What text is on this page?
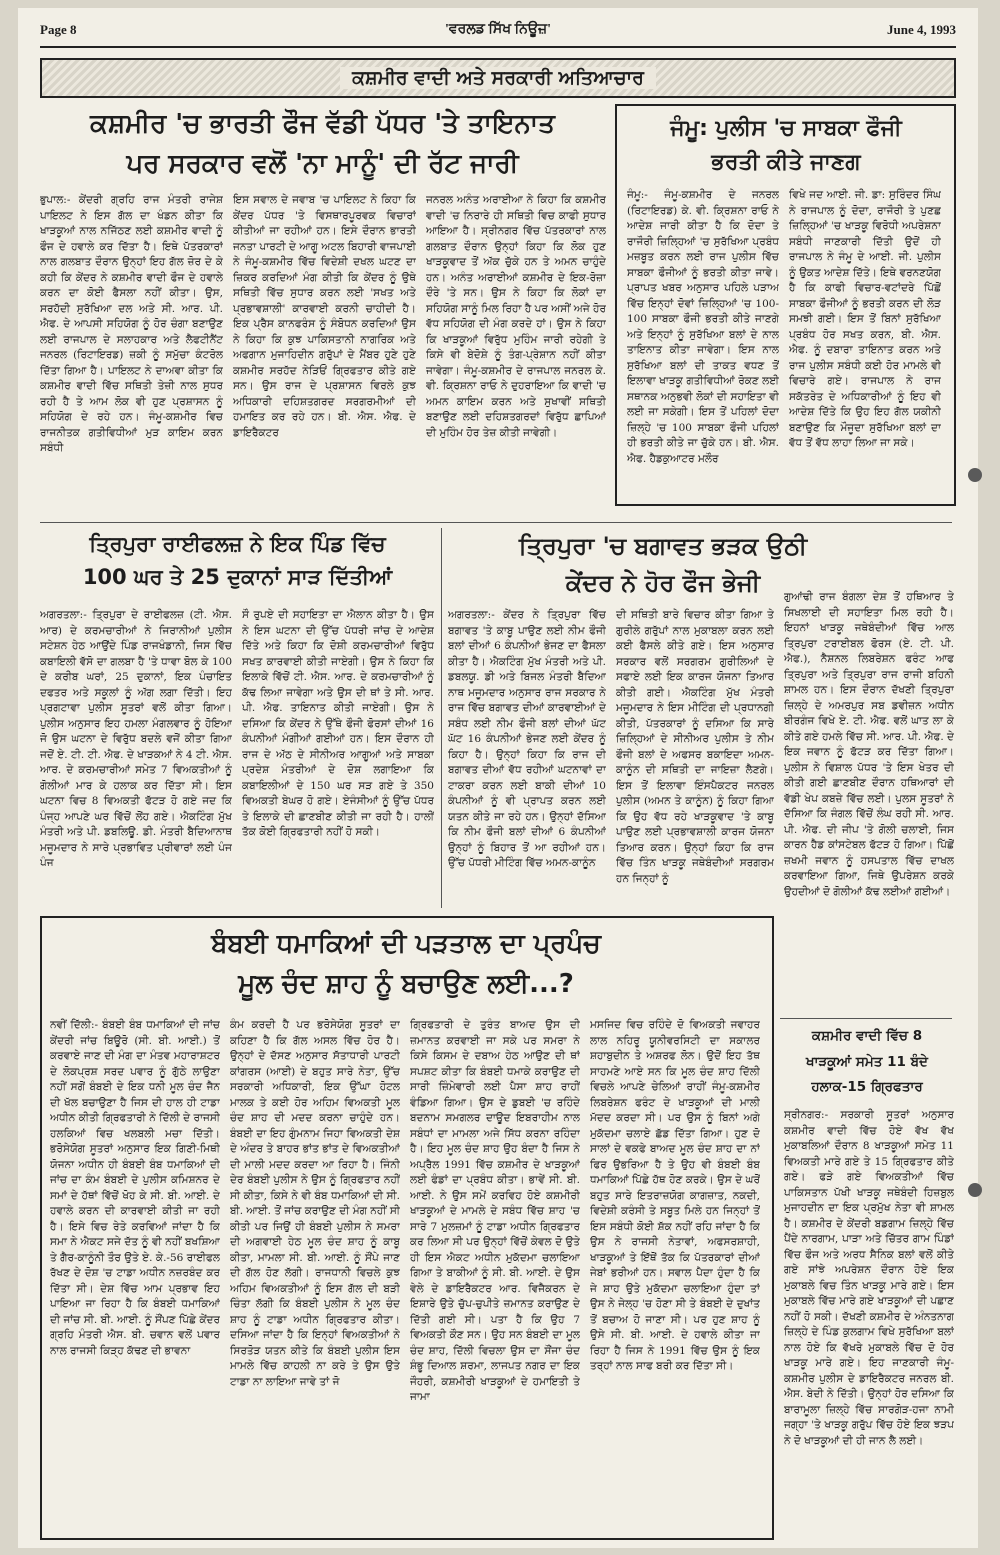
Page 8	'ਵਰਲਡ ਸਿੱਖ ਨਿਊਜ਼'	June 4, 1993
ਕਸ਼ਮੀਰ ਵਾਦੀ ਅਤੇ ਸਰਕਾਰੀ ਅਤਿਆਚਾਰ
ਕਸ਼ਮੀਰ 'ਚ ਭਾਰਤੀ ਫੌਜ ਵੱਡੀ ਪੱਧਰ 'ਤੇ ਤਾਇਨਾਤ
ਪਰ ਸਰਕਾਰ ਵਲੋਂ 'ਨਾ ਮਾਨੂੰ' ਦੀ ਰੱਟ ਜਾਰੀ
ਭੁਪਾਲ:- ਕੇਂਦਰੀ ਗ੍ਰਹਿ ਰਾਜ ਮੰਤਰੀ ਰਾਜੇਸ਼ ਪਾਇਲਟ ਨੇ ਇਸ ਗੱਲ ਦਾ ਖੰਡਨ ਕੀਤਾ ਕਿ ਖਾੜਕੂਆਂ ਨਾਲ ਨਜਿੱਠਣ ਲਈ ਕਸ਼ਮੀਰ ਵਾਦੀ ਨੂੰ ਫੌਜ ਦੇ ਹਵਾਲੇ ਕਰ ਦਿੱਤਾ ਹੈ। ਇਥੇ ਪੱਤਰਕਾਰਾਂ ਨਾਲ ਗਲਬਾਤ ਦੌਰਾਨ ਉਨ੍ਹਾਂ ਇਹ ਗੱਲ ਜ਼ੋਰ ਦੇ ਕੇ ਕਹੀ ਕਿ ਕੇਂਦਰ ਨੇ ਕਸ਼ਮੀਰ ਵਾਦੀ ਫੌਜ ਦੇ ਹਵਾਲੇ ਕਰਨ ਦਾ ਕੋਈ ਫੈਸਲਾ ਨਹੀਂ ਕੀਤਾ। ਉਸ, ਸਰਹੱਦੀ ਸੁਰੱਖਿਆ ਦਲ ਅਤੇ ਸੀ. ਆਰ. ਪੀ. ਐਫ. ਦੇ ਆਪਸੀ ਸਹਿਯੋਗ ਨੂੰ ਹੋਰ ਚੰਗਾ ਬਣਾਉਣ ਲਈ ਰਾਜਪਾਲ ਦੇ ਸਲਾਹਕਾਰ ਅਤੇ ਲੈਫਟੀਨੈਂਟ ਜਨਰਲ (ਰਿਟਾਇਰਡ) ਜ਼ਕੀ ਨੂੰ ਸਮੁੱਚਾ ਕੰਟਰੋਲ ਦਿੱਤਾ ਗਿਆ ਹੈ। ਪਾਇਲਟ ਨੇ ਦਾਅਵਾ ਕੀਤਾ ਕਿ ਕਸ਼ਮੀਰ ਵਾਦੀ ਵਿੱਚ ਸਥਿਤੀ ਤੇਜ਼ੀ ਨਾਲ ਸੁਧਰ ਰਹੀ ਹੈ ਤੇ ਆਮ ਲੋਕ ਵੀ ਹੁਣ ਪ੍ਰਸ਼ਾਸਨ ਨੂੰ ਸਹਿਯੋਗ ਦੇ ਰਹੇ ਹਨ। ਜੰਮੂ-ਕਸ਼ਮੀਰ ਵਿਚ ਰਾਜਨੀਤਕ ਗਤੀਵਿਧੀਆਂ ਮੁੜ ਕਾਇਮ ਕਰਨ ਸਬੰਧੀ
ਇਸ ਸਵਾਲ ਦੇ ਜਵਾਬ 'ਚ ਪਾਇਲਟ ਨੇ ਕਿਹਾ ਕਿ ਕੇਂਦਰ ਪੱਧਰ 'ਤੇ ਵਿਸਥਾਰਪੂਰਵਕ ਵਿਚਾਰਾਂ ਕੀਤੀਆਂ ਜਾ ਰਹੀਆਂ ਹਨ। ਇਸੇ ਦੌਰਾਨ ਭਾਰਤੀ ਜਨਤਾ ਪਾਰਟੀ ਦੇ ਆਗੂ ਅਟਲ ਬਿਹਾਰੀ ਵਾਜਪਾਈ ਨੇ ਜੰਮੂ-ਕਸ਼ਮੀਰ ਵਿੱਚ ਵਿਦੇਸ਼ੀ ਦਖਲ ਘਟਣ ਦਾ ਜ਼ਿਕਰ ਕਰਦਿਆਂ ਮੰਗ ਕੀਤੀ ਕਿ ਕੇਂਦਰ ਨੂੰ ਉਥੇ ਸਥਿਤੀ ਵਿੱਚ ਸੁਧਾਰ ਕਰਨ ਲਈ 'ਸਖਤ ਅਤੇ ਪ੍ਰਭਾਵਸ਼ਾਲੀ' ਕਾਰਵਾਈ ਕਰਨੀ ਚਾਹੀਦੀ ਹੈ। ਇਕ ਪ੍ਰੈਸ ਕਾਨਫਰੰਸ ਨੂੰ ਸੰਬੋਧਨ ਕਰਦਿਆਂ ਉਸ ਨੇ ਕਿਹਾ ਕਿ ਕੁਝ ਪਾਕਿਸਤਾਨੀ ਨਾਗਰਿਕ ਅਤੇ ਅਫਗਾਨ ਮੁਜਾਹਿਦੀਨ ਗਰੁੱਪਾਂ ਦੇ ਮੈਂਬਰ ਹੁਣੇ ਹੁਣੇ ਕਸ਼ਮੀਰ ਸਰਹੱਦ ਨੇੜਿਓਂ ਗ੍ਰਿਫਤਾਰ ਕੀਤੇ ਗਏ ਸਨ। ਉਸ ਰਾਜ ਦੇ ਪ੍ਰਸ਼ਾਸਨ ਵਿਰਲੇ ਕੁਝ ਅਧਿਕਾਰੀ ਦਹਿਸ਼ਤਗਰਦ ਸਰਗਰਮੀਆਂ ਦੀ ਹਮਾਇਤ ਕਰ ਰਹੇ ਹਨ। ਬੀ. ਐਸ. ਐਫ. ਦੇ ਡਾਇਰੈਕਟਰ
ਜਨਰਲ ਅਨੰਤ ਅਰਾਈਆ ਨੇ ਕਿਹਾ ਕਿ ਕਸ਼ਮੀਰ ਵਾਦੀ 'ਚ ਨਿਰਾਰੇ ਹੀ ਸਥਿਤੀ ਵਿਚ ਕਾਫੀ ਸੁਧਾਰ ਆਇਆ ਹੈ। ਸ੍ਰੀਨਗਰ ਵਿੱਚ ਪੱਤਰਕਾਰਾਂ ਨਾਲ ਗਲਬਾਤ ਦੌਰਾਨ ਉਨ੍ਹਾਂ ਕਿਹਾ ਕਿ ਲੋਕ ਹੁਣ ਖਾੜਕੂਵਾਦ ਤੋਂ ਅੱਕ ਚੁੱਕੇ ਹਨ ਤੇ ਅਮਨ ਚਾਹੁੰਦੇ ਹਨ। ਅਨੰਤ ਅਰਾਈਆਂ ਕਸ਼ਮੀਰ ਦੇ ਇਕ-ਰੋਜ਼ਾ ਦੌਰੇ 'ਤੇ ਸਨ। ਉਸ ਨੇ ਕਿਹਾ ਕਿ ਲੋਕਾਂ ਦਾ ਸਹਿਯੋਗ ਸਾਨੂੰ ਮਿਲ ਰਿਹਾ ਹੈ ਪਰ ਅਸੀਂ ਅਜੇ ਹੋਰ ਵੱਧ ਸਹਿਯੋਗ ਦੀ ਮੰਗ ਕਰਦੇ ਹਾਂ। ਉਸ ਨੇ ਕਿਹਾ ਕਿ ਖਾੜਕੂਆਂ ਵਿਰੁੱਧ ਮੁਹਿੰਮ ਜਾਰੀ ਰਹੇਗੀ ਤੇ ਕਿਸੇ ਵੀ ਬੇਦੋਸ਼ੇ ਨੂੰ ਤੰਗ-ਪ੍ਰੇਸ਼ਾਨ ਨਹੀਂ ਕੀਤਾ ਜਾਵੇਗਾ। ਜੰਮੂ-ਕਸ਼ਮੀਰ ਦੇ ਰਾਜਪਾਲ ਜਨਰਲ ਕੇ. ਵੀ. ਕ੍ਰਿਸ਼ਨਾ ਰਾਓ ਨੇ ਦੁਹਰਾਇਆ ਕਿ ਵਾਦੀ 'ਚ ਅਮਨ ਕਾਇਮ ਕਰਨ ਅਤੇ ਸੁਖਾਵੀਂ ਸਥਿਤੀ ਬਣਾਉਣ ਲਈ ਦਹਿਸ਼ਤਗਰਦਾਂ ਵਿਰੁੱਧ ਛਾਪਿਆਂ ਦੀ ਮੁਹਿੰਮ ਹੋਰ ਤੇਜ਼ ਕੀਤੀ ਜਾਵੇਗੀ।
ਜੰਮੂ: ਪੁਲੀਸ 'ਚ ਸਾਬਕਾ ਫੌਜੀ
ਭਰਤੀ ਕੀਤੇ ਜਾਣਗ
ਜੰਮੂ:- ਜੰਮੂ-ਕਸ਼ਮੀਰ ਦੇ ਜਨਰਲ (ਰਿਟਾਇਰਡ) ਕੇ. ਵੀ. ਕ੍ਰਿਸ਼ਨਾ ਰਾਓ ਨੇ ਆਦੇਸ਼ ਜਾਰੀ ਕੀਤਾ ਹੈ ਕਿ ਦੋਦਾ ਤੇ ਰਾਜੌਰੀ ਜ਼ਿਲ੍ਹਿਆਂ 'ਚ ਸੁਰੱਖਿਆ ਪ੍ਰਬੰਧ ਮਜ਼ਬੂਤ ਕਰਨ ਲਈ ਰਾਜ ਪੁਲੀਸ ਵਿੱਚ ਸਾਬਕਾ ਫੌਜੀਆਂ ਨੂੰ ਭਰਤੀ ਕੀਤਾ ਜਾਵੇ। ਪ੍ਰਾਪਤ ਖਬਰ ਅਨੁਸਾਰ ਪਹਿਲੇ ਪੜਾਅ ਵਿੱਚ ਇਨ੍ਹਾਂ ਦੋਵਾਂ ਜ਼ਿਲ੍ਹਿਆਂ 'ਚ 100-100 ਸਾਬਕਾ ਫੌਜੀ ਭਰਤੀ ਕੀਤੇ ਜਾਣਗੇ ਅਤੇ ਇਨ੍ਹਾਂ ਨੂੰ ਸੁਰੱਖਿਆ ਬਲਾਂ ਦੇ ਨਾਲ ਤਾਇਨਾਤ ਕੀਤਾ ਜਾਵੇਗਾ। ਇਸ ਨਾਲ ਸੁਰੱਖਿਆ ਬਲਾਂ ਦੀ ਤਾਕਤ ਵਧਣ ਤੋਂ ਇਲਾਵਾ ਖਾੜਕੂ ਗਤੀਵਿਧੀਆਂ ਰੋਕਣ ਲਈ ਸਥਾਨਕ ਅਨੁਭਵੀ ਲੋਕਾਂ ਦੀ ਸਹਾਇਤਾ ਵੀ ਲਈ ਜਾ ਸਕੇਗੀ। ਇਸ ਤੋਂ ਪਹਿਲਾਂ ਦੋਦਾ ਜ਼ਿਲ੍ਹੇ 'ਚ 100 ਸਾਬਕਾ ਫੌਜੀ ਪਹਿਲਾਂ ਹੀ ਭਰਤੀ ਕੀਤੇ ਜਾ ਚੁੱਕੇ ਹਨ। ਬੀ. ਐਸ. ਐਫ. ਹੈਡਕੁਆਟਰ ਮਲੌਰ
ਵਿਖੇ ਜਦ ਆਈ. ਜੀ. ਡਾ: ਸੁਰਿੰਦਰ ਸਿੰਘ ਨੇ ਰਾਜਪਾਲ ਨੂੰ ਦੋਦਾ, ਰਾਜੌਰੀ ਤੇ ਪੁਣਛ ਜ਼ਿਲ੍ਹਿਆਂ 'ਚ ਖਾੜਕੂ ਵਿਰੋਧੀ ਅਪਰੇਸ਼ਨਾ ਸਬੰਧੀ ਜਾਣਕਾਰੀ ਦਿੱਤੀ ਉਦੋਂ ਹੀ ਰਾਜਪਾਲ ਨੇ ਜੰਮੂ ਦੇ ਆਈ. ਜੀ. ਪੁਲੀਸ ਨੂੰ ਉਕਤ ਆਦੇਸ਼ ਦਿੱਤੇ। ਇਥੇ ਵਰਨਣਯੋਗ ਹੈ ਕਿ ਕਾਫੀ ਵਿਚਾਰ-ਵਟਾਂਦਰੇ ਪਿੱਛੋਂ ਸਾਬਕਾ ਫੌਜੀਆਂ ਨੂੰ ਭਰਤੀ ਕਰਨ ਦੀ ਲੋੜ ਸਮਝੀ ਗਈ। ਇਸ ਤੋਂ ਬਿਨਾਂ ਸੁਰੱਖਿਆ ਪ੍ਰਬੰਧ ਹੋਰ ਸਖਤ ਕਰਨ, ਬੀ. ਐਸ. ਐਫ. ਨੂੰ ਦਬਾਰਾ ਤਾਇਨਾਤ ਕਰਨ ਅਤੇ ਰਾਜ ਪੁਲੀਸ ਸਬੰਧੀ ਕਈ ਹੋਰ ਮਾਮਲੇ ਵੀ ਵਿਚਾਰੇ ਗਏ। ਰਾਜਪਾਲ ਨੇ ਰਾਜ ਸਕੱਤਰੇਤ ਦੇ ਅਧਿਕਾਰੀਆਂ ਨੂੰ ਇਹ ਵੀ ਆਦੇਸ਼ ਦਿੱਤੇ ਕਿ ਉਹ ਇਹ ਗੱਲ ਯਕੀਨੀ ਬਣਾਉਣ ਕਿ ਮੌਜੂਦਾ ਸੁਰੱਖਿਆ ਬਲਾਂ ਦਾ ਵੱਧ ਤੋਂ ਵੱਧ ਲਾਹਾ ਲਿਆ ਜਾ ਸਕੇ।
ਤ੍ਰਿਪੁਰਾ ਰਾਈਫਲਜ਼ ਨੇ ਇਕ ਪਿੰਡ ਵਿੱਚ
100 ਘਰ ਤੇ 25 ਦੁਕਾਨਾਂ ਸਾੜ ਦਿੱਤੀਆਂ
ਅਗਰਤਲਾ:- ਤ੍ਰਿਪੁਰਾ ਦੇ ਰਾਈਫਲਜ਼ (ਟੀ. ਐਸ. ਆਰ) ਦੇ ਕਰਮਚਾਰੀਆਂ ਨੇ ਜਿਰਾਨੀਆਂ ਪੁਲੀਸ ਸਟੇਸ਼ਨ ਹੇਠ ਆਉਂਦੇ ਪਿੰਡ ਰਾਜਖੰਡਾਨੀ, ਜਿਸ ਵਿੱਚ ਕਬਾਇਲੀ ਵੱਸੋ ਦਾ ਗਲਬਾ ਹੈ 'ਤੇ ਧਾਵਾ ਬੋਲ ਕੇ 100 ਦੇ ਕਰੀਬ ਘਰਾਂ, 25 ਦੁਕਾਨਾਂ, ਇਕ ਪੰਚਾਇਤ ਦਫਤਰ ਅਤੇ ਸਕੂਲਾਂ ਨੂੰ ਅੱਗ ਲਗਾ ਦਿੱਤੀ। ਇਹ ਪ੍ਰਗਟਾਵਾ ਪੁਲੀਸ ਸੂਤਰਾਂ ਵਲੋਂ ਕੀਤਾ ਗਿਆ। ਪੁਲੀਸ ਅਨੁਸਾਰ ਇਹ ਹਮਲਾ ਮੰਗਲਵਾਰ ਨੂੰ ਹੋਇਆ ਜੋ ਉਸ ਘਟਨਾ ਦੇ ਵਿਰੁੱਧ ਬਦਲੇ ਵਜੋਂ ਕੀਤਾ ਗਿਆ ਜਦੋਂ ਏ. ਟੀ. ਟੀ. ਐਫ. ਦੇ ਖਾੜਕਆਂ ਨੇ 4 ਟੀ. ਐਸ. ਆਰ. ਦੇ ਕਰਮਚਾਰੀਆਂ ਸਮੇਤ 7 ਵਿਅਕਤੀਆਂ ਨੂੰ ਗੋਲੀਆਂ ਮਾਰ ਕੇ ਹਲਾਕ ਕਰ ਦਿੱਤਾ ਸੀ। ਇਸ ਘਟਨਾ ਵਿਚ 8 ਵਿਅਕਤੀ ਫੱਟੜ ਹੋ ਗਏ ਜਦ ਕਿ ਪੰਜ੍ਹ ਆਪਣੇ ਘਰ ਵਿੱਚੋਂ ਲੋਂਹ ਗਏ। ਐਕਟਿੰਗ ਮੁੱਖ ਮੰਤਰੀ ਅਤੇ ਪੀ. ਡਬਲਿਊ. ਡੀ. ਮੰਤਰੀ ਬੈਦਿਆਨਾਥ ਮਜੂਮਦਾਰ ਨੇ ਸਾਰੇ ਪ੍ਰਭਾਵਿਤ ਪ੍ਰੀਵਾਰਾਂ ਲਈ ਪੰਜ ਪੰਜ
ਸੌ ਰੁਪਏ ਦੀ ਸਹਾਇਤਾ ਦਾ ਐਲਾਨ ਕੀਤਾ ਹੈ। ਉਸ ਨੇ ਇਸ ਘਟਨਾ ਦੀ ਉੱਚ ਪੱਧਰੀ ਜਾਂਚ ਦੇ ਆਦੇਸ਼ ਦਿੱਤੇ ਅਤੇ ਕਿਹਾ ਕਿ ਦੋਸ਼ੀ ਕਰਮਚਾਰੀਆਂ ਵਿਰੁੱਧ ਸਖਤ ਕਾਰਵਾਈ ਕੀਤੀ ਜਾਏਗੀ। ਉਸ ਨੇ ਕਿਹਾ ਕਿ ਇਲਾਕੇ ਵਿੱਚੋਂ ਟੀ. ਐਸ. ਆਰ. ਦੇ ਕਰਮਚਾਰੀਆਂ ਨੂੰ ਕੱਢ ਲਿਆ ਜਾਵੇਗਾ ਅਤੇ ਉਸ ਦੀ ਥਾਂ ਤੇ ਸੀ. ਆਰ. ਪੀ. ਐਫ. ਤਾਇਨਾਤ ਕੀਤੀ ਜਾਏਗੀ। ਉਸ ਨੇ ਦਸਿਆ ਕਿ ਕੇਂਦਰ ਨੇ ਉੱਥੇ ਫੌਜੀ ਫੋਰਸਾਂ ਦੀਆਂ 16 ਕੰਪਨੀਆਂ ਮੰਗੀਆਂ ਗਈਆਂ ਹਨ। ਇਸ ਦੌਰਾਨ ਹੀ ਰਾਜ ਦੇ ਅੱਠ ਦੇ ਸੀਨੀਅਰ ਆਗੂਆਂ ਅਤੇ ਸਾਬਕਾ ਪ੍ਰਦੇਸ਼ ਮੰਤਰੀਆਂ ਦੇ ਦੋਸ਼ ਲਗਾਇਆ ਕਿ ਕਬਾਇਲੀਆਂ ਦੇ 150 ਘਰ ਸੜ ਗਏ ਤੇ 350 ਵਿਅਕਤੀ ਬੇਘਰ ਹੋ ਗਏ। ਏਜੰਸੀਆਂ ਨੂੰ ਉੱਚ ਪੱਧਰ ਤੇ ਇਲਾਕੇ ਦੀ ਛਾਣਬੀਣ ਕੀਤੀ ਜਾ ਰਹੀ ਹੈ। ਹਾਲੀਂ ਤੱਕ ਕੋਈ ਗ੍ਰਿਫਤਾਰੀ ਨਹੀਂ ਹੋ ਸਕੀ।
ਤ੍ਰਿਪੁਰਾ 'ਚ ਬਗਾਵਤ ਭੜਕ ਉਠੀ
ਕੇਂਦਰ ਨੇ ਹੋਰ ਫੌਜ ਭੇਜੀ
ਅਗਰਤਲਾ:- ਕੇਂਦਰ ਨੇ ਤ੍ਰਿਪੁਰਾ ਵਿੱਚ ਬਗਾਵਤ 'ਤੇ ਕਾਬੂ ਪਾਉਣ ਲਈ ਨੀਮ ਫੌਜੀ ਬਲਾਂ ਦੀਆਂ 6 ਕੰਪਨੀਆਂ ਭੇਜਣ ਦਾ ਫੈਸਲਾ ਕੀਤਾ ਹੈ। ਐਕਟਿੰਗ ਮੁੱਖ ਮੰਤਰੀ ਅਤੇ ਪੀ. ਡਬਲਯੂ. ਡੀ ਅਤੇ ਬਿਜਲ ਮੰਤਰੀ ਬੈਦਿਆ ਨਾਥ ਮਜੂਮਦਾਰ ਅਨੁਸਾਰ ਰਾਜ ਸਰਕਾਰ ਨੇ ਰਾਜ ਵਿੱਚ ਬਗਾਵਤ ਦੀਆਂ ਕਾਰਵਾਈਆਂ ਦੇ ਸਬੰਧ ਲਈ ਨੀਮ ਫੌਜੀ ਬਲਾਂ ਦੀਆਂ ਘੱਟ ਘੱਟ 16 ਕੰਪਨੀਆਂ ਭੇਜਣ ਲਈ ਕੇਂਦਰ ਨੂੰ ਕਿਹਾ ਹੈ। ਉਨ੍ਹਾਂ ਕਿਹਾ ਕਿ ਰਾਜ ਦੀ ਬਗਾਵਤ ਦੀਆਂ ਵੱਧ ਰਹੀਆਂ ਘਟਨਾਵਾਂ ਦਾ ਟਾਕਰਾ ਕਰਨ ਲਈ ਬਾਕੀ ਦੀਆਂ 10 ਕੰਪਨੀਆਂ ਨੂੰ ਵੀ ਪ੍ਰਾਪਤ ਕਰਨ ਲਈ ਯਤਨ ਕੀਤੇ ਜਾ ਰਹੇ ਹਨ। ਉਨ੍ਹਾਂ ਦੱਸਿਆ ਕਿ ਨੀਮ ਫੌਜੀ ਬਲਾਂ ਦੀਆਂ 6 ਕੰਪਨੀਆਂ ਉਨ੍ਹਾਂ ਨੂੰ ਬਿਹਾਰ ਤੋਂ ਆ ਰਹੀਆਂ ਹਨ। ਉੱਚ ਪੱਧਰੀ ਮੀਟਿੰਗ ਵਿੱਚ ਅਮਨ-ਕਾਨੂੰਨ
ਦੀ ਸਥਿਤੀ ਬਾਰੇ ਵਿਚਾਰ ਕੀਤਾ ਗਿਆ ਤੇ ਗੁਰੀਲੇ ਗਰੁੱਪਾਂ ਨਾਲ ਮੁਕਾਬਲਾ ਕਰਨ ਲਈ ਕਈ ਫੈਸਲੇ ਕੀਤੇ ਗਏ। ਇਸ ਅਨੁਸਾਰ ਸਰਕਾਰ ਵਲੋਂ ਸਰਗਰਮ ਗੁਰੀਲਿਆਂ ਦੇ ਸਫਾਏ ਲਈ ਇਕ ਕਾਰਜ ਯੋਜਨਾ ਤਿਆਰ ਕੀਤੀ ਗਈ। ਐਕਟਿੰਗ ਮੁੱਖ ਮੰਤਰੀ ਮਜੂਮਦਾਰ ਨੇ ਇਸ ਮੀਟਿੰਗ ਦੀ ਪ੍ਰਧਾਨਗੀ ਕੀਤੀ, ਪੱਤਰਕਾਰਾਂ ਨੂੰ ਦਸਿਆ ਕਿ ਸਾਰੇ ਜ਼ਿਲ੍ਹਿਆਂ ਦੇ ਸੀਨੀਅਰ ਪੁਲੀਸ ਤੇ ਨੀਮ ਫੌਜੀ ਬਲਾਂ ਦੇ ਅਫਸਰ ਬਕਾਇਦਾ ਅਮਨ-ਕਾਨੂੰਨ ਦੀ ਸਥਿਤੀ ਦਾ ਜਾਇਜ਼ਾ ਲੈਣਗੇ। ਇਸ ਤੋਂ ਇਲਾਵਾ ਇੰਸਪੈਕਟਰ ਜਨਰਲ ਪੁਲੀਸ (ਅਮਨ ਤੇ ਕਾਨੂੰਨ) ਨੂੰ ਕਿਹਾ ਗਿਆ ਕਿ ਉਹ ਵੱਧ ਰਹੇ ਖਾੜਕੂਵਾਦ 'ਤੇ ਕਾਬੂ ਪਾਉਣ ਲਈ ਪ੍ਰਭਾਵਸ਼ਾਲੀ ਕਾਰਜ ਯੋਜਨਾ ਤਿਆਰ ਕਰਨ। ਉਨ੍ਹਾਂ ਕਿਹਾ ਕਿ ਰਾਜ ਵਿੱਚ ਤਿੰਨ ਖਾੜਕੂ ਜਥੇਬੰਦੀਆਂ ਸਰਗਰਮ ਹਨ ਜਿਨ੍ਹਾਂ ਨੂੰ
ਗੁਆਂਢੀ ਰਾਜ ਬੰਗਲਾ ਦੇਸ਼ ਤੋਂ ਹਥਿਆਰ ਤੇ ਸਿਖਲਾਈ ਦੀ ਸਹਾਇਤਾ ਮਿਲ ਰਹੀ ਹੈ। ਇਹਨਾਂ ਖਾੜਕੂ ਜਥੇਬੰਦੀਆਂ ਵਿੱਚ ਆਲ ਤ੍ਰਿਪੁਰਾ ਟਰਾਈਬਲ ਫੋਰਸ (ਏ. ਟੀ. ਪੀ. ਐਫ.), ਨੈਸ਼ਨਲ ਲਿਬਰੇਸ਼ਨ ਫਰੰਟ ਆਫ ਤ੍ਰਿਪੁਰਾ ਅਤੇ ਤ੍ਰਿਪੁਰਾ ਰਾਜ ਰਾਜੀ ਬਹਿਨੀ ਸ਼ਾਮਲ ਹਨ। ਇਸ ਦੌਰਾਨ ਦੱਖਣੀ ਤ੍ਰਿਪੁਰਾ ਜ਼ਿਲ੍ਹੇ ਦੇ ਅਮਰਪੁਰ ਸਬ ਡਵੀਜ਼ਨ ਅਧੀਨ ਬੀਰਗੰਜ ਵਿਖੇ ਏ. ਟੀ. ਐਫ. ਵਲੋਂ ਘਾਤ ਲਾ ਕੇ ਕੀਤੇ ਗਏ ਹਮਲੇ ਵਿੱਚ ਸੀ. ਆਰ. ਪੀ. ਐਫ. ਦੇ ਇਕ ਜਵਾਨ ਨੂੰ ਫੱਟੜ ਕਰ ਦਿੱਤਾ ਗਿਆ। ਪੁਲੀਸ ਨੇ ਵਿਸ਼ਾਲ ਪੱਧਰ 'ਤੇ ਇਸ ਖੇਤਰ ਦੀ ਕੀਤੀ ਗਈ ਛਾਣਬੀਣ ਦੌਰਾਨ ਹਥਿਆਰਾਂ ਦੀ ਵੱਡੀ ਖੇਪ ਕਬਜ਼ੇ ਵਿੱਚ ਲਈ। ਪੁਲਸ ਸੂਤਰਾਂ ਨੇ ਦੱਸਿਆ ਕਿ ਜੰਗਲ ਵਿੱਚੋਂ ਲੰਘ ਰਹੀ ਸੀ. ਆਰ. ਪੀ. ਐਫ. ਦੀ ਜੀਪ 'ਤੇ ਗੋਲੀ ਚਲਾਈ, ਜਿਸ ਕਾਰਨ ਹੈਡ ਕਾਂਸਟੇਬਲ ਫੱਟੜ ਹੋ ਗਿਆ। ਪਿੱਛੋਂ ਜ਼ਖਮੀ ਜਵਾਨ ਨੂੰ ਹਸਪਤਾਲ ਵਿੱਚ ਦਾਖਲ ਕਰਵਾਇਆ ਗਿਆ, ਜਿਥੇ ਉਪਰੇਸ਼ਨ ਕਰਕੇ ਉਹਦੀਆਂ ਦੋ ਗੋਲੀਆਂ ਕੱਢ ਲਈਆਂ ਗਈਆਂ।
ਬੰਬਈ ਧਮਾਕਿਆਂ ਦੀ ਪੜਤਾਲ ਦਾ ਪ੍ਰਪੰਚ
ਮੂਲ ਚੰਦ ਸ਼ਾਹ ਨੂੰ ਬਚਾਉਣ ਲਈ...?
ਨਵੀਂ ਦਿੱਲੀ:- ਬੰਬਈ ਬੰਬ ਧਮਾਕਿਆਂ ਦੀ ਜਾਂਚ ਕੇਂਦਰੀ ਜਾਂਚ ਬਿਊਰੋ (ਸੀ. ਬੀ. ਆਈ.) ਤੋਂ ਕਰਵਾਏ ਜਾਣ ਦੀ ਮੰਗ ਦਾ ਮੰਤਵ ਮਹਾਰਾਸ਼ਟਰ ਦੇ ਲੋਕਪ੍ਰਸ਼ ਸਰਦ ਪਵਾਰ ਨੂੰ ਗੁੱਠੇ ਲਾਉਣਾ ਨਹੀਂ ਸਗੋਂ ਬੰਬਈ ਦੇ ਇਕ ਧਨੀ ਮੂਲ ਚੰਦ ਜੈਨ ਦੀ ਖੱਲ ਬਚਾਉਣਾ ਹੈ ਜਿਸ ਦੀ ਹਾਲ ਹੀ ਟਾਡਾ ਅਧੀਨ ਕੀਤੀ ਗ੍ਰਿਫਤਾਰੀ ਨੇ ਦਿੱਲੀ ਦੇ ਰਾਜਸੀ ਹਲਕਿਆਂ ਵਿਚ ਖਲਬਲੀ ਮਚਾ ਦਿੱਤੀ। ਭਰੋਸੇਯੋਗ ਸੂਤਰਾਂ ਅਨੁਸਾਰ ਇਕ ਗਿਣੀ-ਮਿਥੀ ਯੋਜਨਾ ਅਧੀਨ ਹੀ ਬੰਬਈ ਬੰਬ ਧਮਾਕਿਆਂ ਦੀ ਜਾਂਚ ਦਾ ਕੰਮ ਬੰਬਈ ਦੇ ਪੁਲੀਸ ਕਮਿਸ਼ਨਰ ਦੇ ਸਮਾਂ ਦੇ ਹੱਥਾਂ ਵਿੱਚੋਂ ਖੋਹ ਕੇ ਸੀ. ਬੀ. ਆਈ. ਦੇ ਹਵਾਲੇ ਕਰਨ ਦੀ ਕਾਰਵਾਈ ਕੀਤੀ ਜਾ ਰਹੀ ਹੈ। ਇਸੇ ਵਿਚ ਰੇਤੇ ਕਰਵਿਆਂ ਜਾਂਦਾ ਹੈ ਕਿ ਸਮਾ ਨੇ ਐਕਟ ਸਜੇ ਦੱਤ ਨੂੰ ਵੀ ਨਹੀਂ ਬਖਸ਼ਿਆ ਤੇ ਗੈਰ-ਕਾਨੂੰਨੀ ਤੌਰ ਉਤੇ ਏ. ਕੇ.-56 ਰਾਈਫਲ ਰੱਖਣ ਦੇ ਦੋਸ਼ 'ਚ ਟਾਡਾ ਅਧੀਨ ਨਜ਼ਰਬੰਦ ਕਰ ਦਿੱਤਾ ਸੀ। ਦੇਸ਼ ਵਿੱਚ ਆਮ ਪ੍ਰਭਾਵ ਇਹ ਪਾਇਆ ਜਾ ਰਿਹਾ ਹੈ ਕਿ ਬੰਬਈ ਧਮਾਕਿਆਂ ਦੀ ਜਾਂਚ ਸੀ. ਬੀ. ਆਈ. ਨੂੰ ਸੌਂਪਣ ਪਿੱਛੇ ਕੇਂਦਰ ਗ੍ਰਹਿ ਮੰਤਰੀ ਐਸ. ਬੀ. ਚਵਾਨ ਵਲੋਂ ਪਵਾਰ ਨਾਲ ਰਾਜਸੀ ਕਿੜ੍ਹ ਕੱਢਣ ਦੀ ਭਾਵਨਾ
ਕੰਮ ਕਰਦੀ ਹੈ ਪਰ ਭਰੋਸੇਯੋਗ ਸੂਤਰਾਂ ਦਾ ਕਹਿਣਾ ਹੈ ਕਿ ਗੱਲ ਅਸਲ ਵਿੱਚ ਹੋਰ ਹੈ। ਉਨ੍ਹਾਂ ਦੇ ਦੱਸਣ ਅਨੁਸਾਰ ਸੱਤਾਧਾਰੀ ਪਾਰਟੀ ਕਾਂਗਰਸ (ਆਈ) ਦੇ ਬਹੁਤ ਸਾਰੇ ਨੇਤਾ, ਉੱਚ ਸਰਕਾਰੀ ਅਧਿਕਾਰੀ, ਇਕ ਉੱਘਾ ਹੋਟਲ ਮਾਲਕ ਤੇ ਕਈ ਹੋਰ ਅਹਿਮ ਵਿਅਕਤੀ ਮੂਲ ਚੰਦ ਸ਼ਾਹ ਦੀ ਮਦਦ ਕਰਨਾ ਚਾਹੁੰਦੇ ਹਨ। ਬੰਬਈ ਦਾ ਇਹ ਗੁੰਮਨਾਮ ਜਿਹਾ ਵਿਅਕਤੀ ਦੇਸ਼ ਦੇ ਅੰਦਰ ਤੇ ਬਾਹਰ ਭਾਂਤ ਭਾਂਤ ਦੇ ਵਿਅਕਤੀਆਂ ਦੀ ਮਾਲੀ ਮਦਦ ਕਰਦਾ ਆ ਰਿਹਾ ਹੈ। ਜਿੰਨੀ ਦੇਰ ਬੰਬਈ ਪੁਲੀਸ ਨੇ ਉਸ ਨੂੰ ਗ੍ਰਿਫਤਾਰ ਨਹੀਂ ਸੀ ਕੀਤਾ, ਕਿਸੇ ਨੇ ਵੀ ਬੰਬ ਧਮਾਕਿਆਂ ਦੀ ਸੀ. ਬੀ. ਆਈ. ਤੋਂ ਜਾਂਚ ਕਰਾਉਣ ਦੀ ਮੰਗ ਨਹੀਂ ਸੀ ਕੀਤੀ ਪਰ ਜਿਉਂ ਹੀ ਬੰਬਈ ਪੁਲੀਸ ਨੇ ਸਮਰਾ ਦੀ ਅਗਵਾਈ ਹੇਠ ਮੂਲ ਚੰਦ ਸ਼ਾਹ ਨੂੰ ਕਾਬੂ ਕੀਤਾ, ਮਾਮਲਾ ਸੀ. ਬੀ. ਆਈ. ਨੂੰ ਸੌਂਪੇ ਜਾਣ ਦੀ ਗੱਲ ਹੋਣ ਲੱਗੀ। ਰਾਜਧਾਨੀ ਵਿਚਲੇ ਕੁਝ ਅਹਿਮ ਵਿਅਕਤੀਆਂ ਨੂੰ ਇਸ ਗੱਲ ਦੀ ਬੜੀ ਚਿੰਤਾ ਲੱਗੀ ਕਿ ਬੰਬਈ ਪੁਲੀਸ ਨੇ ਮੂਲ ਚੰਦ ਸ਼ਾਹ ਨੂੰ ਟਾਡਾ ਅਧੀਨ ਗ੍ਰਿਫਤਾਰ ਕੀਤਾ। ਦਸਿਆ ਜਾਂਦਾ ਹੈ ਕਿ ਇਨ੍ਹਾਂ ਵਿਅਕਤੀਆਂ ਨੇ ਸਿਰਤੋੜ ਯਤਨ ਕੀਤੇ ਕਿ ਬੰਬਈ ਪੁਲੀਸ ਇਸ ਮਾਮਲੇ ਵਿੱਚ ਕਾਹਲੀ ਨਾ ਕਰੇ ਤੇ ਉਸ ਉਤੇ ਟਾਡਾ ਨਾ ਲਾਇਆ ਜਾਵੇ ਤਾਂ ਜੋ
ਗ੍ਰਿਫਤਾਰੀ ਦੇ ਤੁਰੰਤ ਬਾਅਦ ਉਸ ਦੀ ਜ਼ਮਾਨਤ ਕਰਵਾਈ ਜਾ ਸਕੇ ਪਰ ਸਮਰਾ ਨੇ ਕਿਸੇ ਕਿਸਮ ਦੇ ਦਬਾਅ ਹੇਠ ਆਉਣ ਦੀ ਥਾਂ ਸਪਸ਼ਟ ਕੀਤਾ ਕਿ ਬੰਬਈ ਧਮਾਕੇ ਕਰਾਉਣ ਦੀ ਸਾਰੀ ਜ਼ਿੰਮੇਵਾਰੀ ਲਈ ਪੈਸਾ ਸ਼ਾਹ ਰਾਹੀਂ ਵੰਡਿਆ ਗਿਆ। ਉਸ ਦੇ ਡੁਬਈ 'ਚ ਰਹਿੰਦੇ ਬਦਨਾਮ ਸਮਗਲਰ ਦਾਊਦ ਇਬਰਾਹੀਮ ਨਾਲ ਸਬੰਧਾਂ ਦਾ ਮਾਮਲਾ ਅਜੇ ਸਿੱਧ ਕਰਨਾ ਰਹਿੰਦਾ ਹੈ। ਇਹ ਮੂਲ ਚੰਦ ਸ਼ਾਹ ਉਹ ਬੰਦਾ ਹੈ ਜਿਸ ਨੇ ਅਪ੍ਰੈਲ 1991 ਵਿੱਚ ਕਸ਼ਮੀਰ ਦੇ ਖਾੜਕੂਆਂ ਲਈ ਫੰਡਾਂ ਦਾ ਪ੍ਰਬੰਧ ਕੀਤਾ। ਭਾਵੇਂ ਸੀ. ਬੀ. ਆਈ. ਨੇ ਉਸ ਸਮੇਂ ਕਰਵਿਹ ਹੋਏ ਕਸ਼ਮੀਰੀ ਖਾੜਕੂਆਂ ਦੇ ਮਾਮਲੇ ਦੇ ਸਬੰਧ ਵਿੱਚ ਸ਼ਾਹ 'ਚ ਸਾਰੇ 7 ਮੁਲਜ਼ਮਾਂ ਨੂੰ ਟਾਡਾ ਅਧੀਨ ਗ੍ਰਿਫਤਾਰ ਕਰ ਲਿਆ ਸੀ ਪਰ ਉਨ੍ਹਾਂ ਵਿੱਚੋਂ ਕੇਵਲ ਦੋ ਉਤੇ ਹੀ ਇਸ ਐਕਟ ਅਧੀਨ ਮੁਕੱਦਮਾ ਚਲਾਇਆ ਗਿਆ ਤੇ ਬਾਕੀਆਂ ਨੂੰ ਸੀ. ਬੀ. ਆਈ. ਦੇ ਉਸ ਵੇਲੇ ਦੇ ਡਾਇਰੈਕਟਰ ਆਰ. ਵਿਜੈਕਰਨ ਦੇ ਇਸ਼ਾਰੇ ਉਤੇ ਚੁੱਪ-ਚੁਪੀਤੇ ਜ਼ਮਾਨਤ ਕਰਾਉਣ ਦੇ ਦਿੱਤੀ ਗਈ ਸੀ। ਪਤਾ ਹੈ ਕਿ ਉਹ 7 ਵਿਅਕਤੀ ਕੌਣ ਸਨ। ਉਹ ਸਨ ਬੰਬਈ ਦਾ ਮੂਲ ਚੰਦ ਸ਼ਾਹ, ਦਿੱਲੀ ਵਿਚਲਾ ਉਸ ਦਾ ਸੌਂਜਾ ਚੰਦ ਸ਼ੰਭੂ ਦਿਆਲ ਸ਼ਰਮਾ, ਲਾਜਪਤ ਨਗਰ ਦਾ ਇਕ ਜੌਹਰੀ, ਕਸ਼ਮੀਰੀ ਖਾੜਕੂਆਂ ਦੇ ਹਮਾਇਤੀ ਤੇ ਜਾਮਾ
ਮਸਜਿਦ ਵਿਚ ਰਹਿੰਦੇ ਦੋ ਵਿਅਕਤੀ ਜਵਾਹਰ ਲਾਲ ਨਹਿਰੂ ਯੂਨੀਵਰਸਿਟੀ ਦਾ ਸਕਾਲਰ ਸ਼ਹਾਬੁਦੀਨ ਤੇ ਅਸ਼ਰਫ ਲੋਨ। ਉਦੋਂ ਇਹ ਤੱਥ ਸਾਹਮਣੇ ਆਏ ਸਨ ਕਿ ਮੂਲ ਚੰਦ ਸ਼ਾਹ ਦਿੱਲੀ ਵਿਚਲੇ ਆਪਣੇ ਚੇਲਿਆਂ ਰਾਹੀਂ ਜੰਮੂ-ਕਸ਼ਮੀਰ ਲਿਬਰੇਸ਼ਨ ਫਰੰਟ ਦੇ ਖਾੜਕੂਆਂ ਦੀ ਮਾਲੀ ਮੱਦਦ ਕਰਦਾ ਸੀ। ਪਰ ਉਸ ਨੂੰ ਬਿਨਾਂ ਅਗੇ ਮੁਕੱਦਮਾ ਚਲਾਏ ਛੱਡ ਦਿੱਤਾ ਗਿਆ। ਹੁਣ ਦੋ ਸਾਲਾਂ ਦੇ ਵਕਫੇ ਬਾਅਦ ਮੂਲ ਚੰਦ ਸ਼ਾਹ ਦਾ ਨਾਂ ਫਿਰ ਉਭਰਿਆ ਹੈ ਤੇ ਉਹ ਵੀ ਬੰਬਈ ਬੰਬ ਧਮਾਕਿਆਂ ਪਿੱਛੇ ਹੱਥ ਹੋਣ ਕਰਕੇ। ਉਸ ਦੇ ਘਰੋਂ ਬਹੁਤ ਸਾਰੇ ਇਤਰਾਜ਼ਯੋਗ ਕਾਗਜ਼ਾਤ, ਨਕਦੀ, ਵਿਦੇਸ਼ੀ ਕਰੰਸੀ ਤੇ ਸਬੂਤ ਮਿਲੇ ਹਨ ਜਿਨ੍ਹਾਂ ਤੋਂ ਇਸ ਸਬੰਧੀ ਕੋਈ ਸ਼ੱਕ ਨਹੀਂ ਰਹਿ ਜਾਂਦਾ ਹੈ ਕਿ ਉਸ ਨੇ ਰਾਜਸੀ ਨੇਤਾਵਾਂ, ਅਫਸਰਸ਼ਾਹੀ, ਖਾੜਕੂਆਂ ਤੇ ਇੱਥੋਂ ਤੱਕ ਕਿ ਪੱਤਰਕਾਰਾਂ ਦੀਆਂ ਜੇਬਾਂ ਭਰੀਆਂ ਹਨ। ਸਵਾਲ ਪੈਦਾ ਹੁੰਦਾ ਹੈ ਕਿ ਜੇ ਸ਼ਾਹ ਉਤੇ ਮੁਕੱਦਮਾ ਚਲਾਇਆ ਹੁੰਦਾ ਤਾਂ ਉਸ ਨੇ ਜੇਲ੍ਹ 'ਚ ਹੋਣਾ ਸੀ ਤੇ ਬੰਬਈ ਦੇ ਦੁਖਾਂਤ ਤੋਂ ਬਚਾਅ ਹੋ ਜਾਣਾ ਸੀ। ਪਰ ਹੁਣ ਸ਼ਾਹ ਨੂੰ ਉਸੇ ਸੀ. ਬੀ. ਆਈ. ਦੇ ਹਵਾਲੇ ਕੀਤਾ ਜਾ ਰਿਹਾ ਹੈ ਜਿਸ ਨੇ 1991 ਵਿੱਚ ਉਸ ਨੂੰ ਇਕ ਤਰ੍ਹਾਂ ਨਾਲ ਸਾਫ ਬਰੀ ਕਰ ਦਿੱਤਾ ਸੀ।
ਕਸ਼ਮੀਰ ਵਾਦੀ ਵਿੱਚ 8
ਖਾੜਕੂਆਂ ਸਮੇਤ 11 ਬੰਦੇ
ਹਲਾਕ-15 ਗ੍ਰਿਫਤਾਰ
ਸ੍ਰੀਨਗਰ:- ਸਰਕਾਰੀ ਸੂਤਰਾਂ ਅਨੁਸਾਰ ਕਸ਼ਮੀਰ ਵਾਦੀ ਵਿੱਚ ਹੋਏ ਵੱਖ ਵੱਖ ਮੁਕਾਬਲਿਆਂ ਦੌਰਾਨ 8 ਖਾੜਕੂਆਂ ਸਮੇਤ 11 ਵਿਅਕਤੀ ਮਾਰੇ ਗਏ ਤੇ 15 ਗ੍ਰਿਫਤਾਰ ਕੀਤੇ ਗਏ। ਫੜੇ ਗਏ ਵਿਅਕਤੀਆਂ ਵਿੱਚ ਪਾਕਿਸਤਾਨ ਪੱਖੀ ਖਾੜਕੂ ਜਥੇਬੰਦੀ ਹਿਜ਼ਬੁਲ ਮੁਜਾਹਦੀਨ ਦਾ ਇਕ ਪ੍ਰਮੁੱਖ ਨੇਤਾ ਵੀ ਸ਼ਾਮਲ ਹੈ। ਕਸ਼ਮੀਰ ਦੇ ਕੇਂਦਰੀ ਬਡਗਾਮ ਜ਼ਿਲ੍ਹੇ ਵਿੱਚ ਪੈਂਦੇ ਨਾਰਗਾਮ, ਪਾੜਾ ਅਤੇ ਚਿੱਤਰ ਗਾਮ ਪਿੰਡਾਂ ਵਿੱਚ ਫੌਜ ਅਤੇ ਅਰਧ ਸੈਨਿਕ ਬਲਾਂ ਵਲੋਂ ਕੀਤੇ ਗਏ ਸਾਂਝੇ ਅਪਰੇਸ਼ਨ ਦੌਰਾਨ ਹੋਏ ਇਕ ਮੁਕਾਬਲੇ ਵਿਚ ਤਿੰਨ ਖਾੜਕੂ ਮਾਰੇ ਗਏ। ਇਸ ਮੁਕਾਬਲੇ ਵਿੱਚ ਮਾਰੇ ਗਏ ਖਾੜਕੂਆਂ ਦੀ ਪਛਾਣ ਨਹੀਂ ਹੋ ਸਕੀ। ਦੱਖਣੀ ਕਸ਼ਮੀਰ ਦੇ ਅੰਨਤਨਾਗ ਜ਼ਿਲ੍ਹੇ ਦੇ ਪਿੰਡ ਕੁਲਗਾਮ ਵਿਖੇ ਸੁਰੱਖਿਆ ਬਲਾਂ ਨਾਲ ਹੋਏ ਕਿ ਵੱਖਰੇ ਮੁਕਾਬਲੇ ਵਿੱਚ ਦੋ ਹੋਰ ਖਾੜਕੂ ਮਾਰੇ ਗਏ। ਇਹ ਜਾਣਕਾਰੀ ਜੰਮੂ-ਕਸ਼ਮੀਰ ਪੁਲੀਸ ਦੇ ਡਾਇਰੈਕਟਰ ਜਨਰਲ ਬੀ. ਐਸ. ਬੇਦੀ ਨੇ ਦਿੱਤੀ। ਉਨ੍ਹਾਂ ਹੋਰ ਦਸਿਆ ਕਿ ਬਾਰਾਮੂਲਾ ਜ਼ਿਲ੍ਹੇ ਵਿੱਚ ਸਾਰਗੋੜ-ਹਜਾ ਨਾਮੀ ਜਗ੍ਹਾ 'ਤੇ ਖਾੜਕੂ ਗਰੁੱਪ ਵਿੱਚ ਹੋਏ ਇਕ ਝੜਪ ਨੇ ਦੋ ਖਾੜਕੂਆਂ ਦੀ ਹੀ ਜਾਨ ਲੈ ਲਈ।
